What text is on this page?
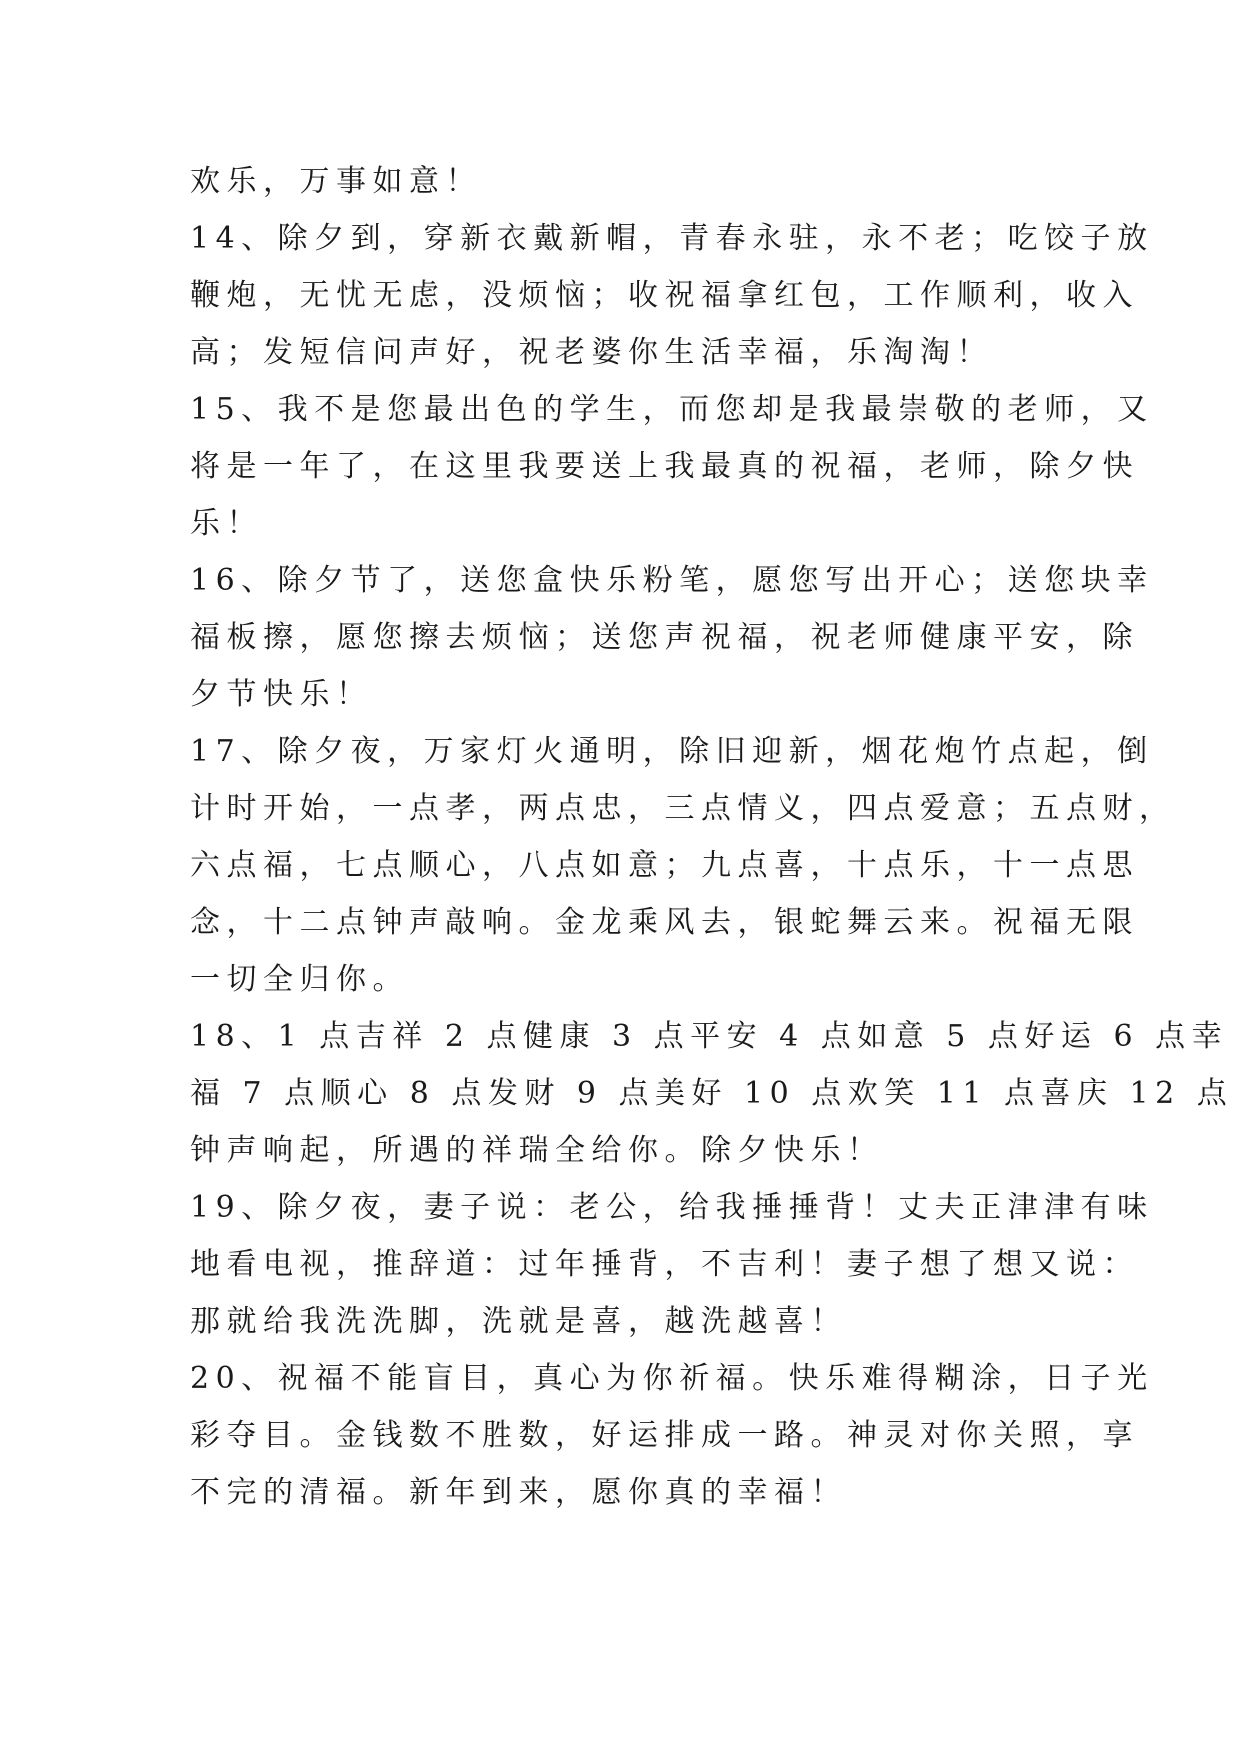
欢乐，万事如意！
14、除夕到，穿新衣戴新帽，青春永驻，永不老；吃饺子放
鞭炮，无忧无虑，没烦恼；收祝福拿红包，工作顺利，收入
高；发短信问声好，祝老婆你生活幸福，乐淘淘！
15、我不是您最出色的学生，而您却是我最崇敬的老师，又
将是一年了，在这里我要送上我最真的祝福，老师，除夕快
乐！
16、除夕节了，送您盒快乐粉笔，愿您写出开心；送您块幸
福板擦，愿您擦去烦恼；送您声祝福，祝老师健康平安，除
夕节快乐！
17、除夕夜，万家灯火通明，除旧迎新，烟花炮竹点起，倒
计时开始，一点孝，两点忠，三点情义，四点爱意；五点财，
六点福，七点顺心，八点如意；九点喜，十点乐，十一点思
念，十二点钟声敲响。金龙乘风去，银蛇舞云来。祝福无限
一切全归你。
18、1 点吉祥 2 点健康 3 点平安 4 点如意 5 点好运 6 点幸
福 7 点顺心 8 点发财 9 点美好 10 点欢笑 11 点喜庆 12 点
钟声响起，所遇的祥瑞全给你。除夕快乐！
19、除夕夜，妻子说：老公，给我捶捶背！丈夫正津津有味
地看电视，推辞道：过年捶背，不吉利！妻子想了想又说：
那就给我洗洗脚，洗就是喜，越洗越喜！
20、祝福不能盲目，真心为你祈福。快乐难得糊涂，日子光
彩夺目。金钱数不胜数，好运排成一路。神灵对你关照，享
不完的清福。新年到来，愿你真的幸福！
